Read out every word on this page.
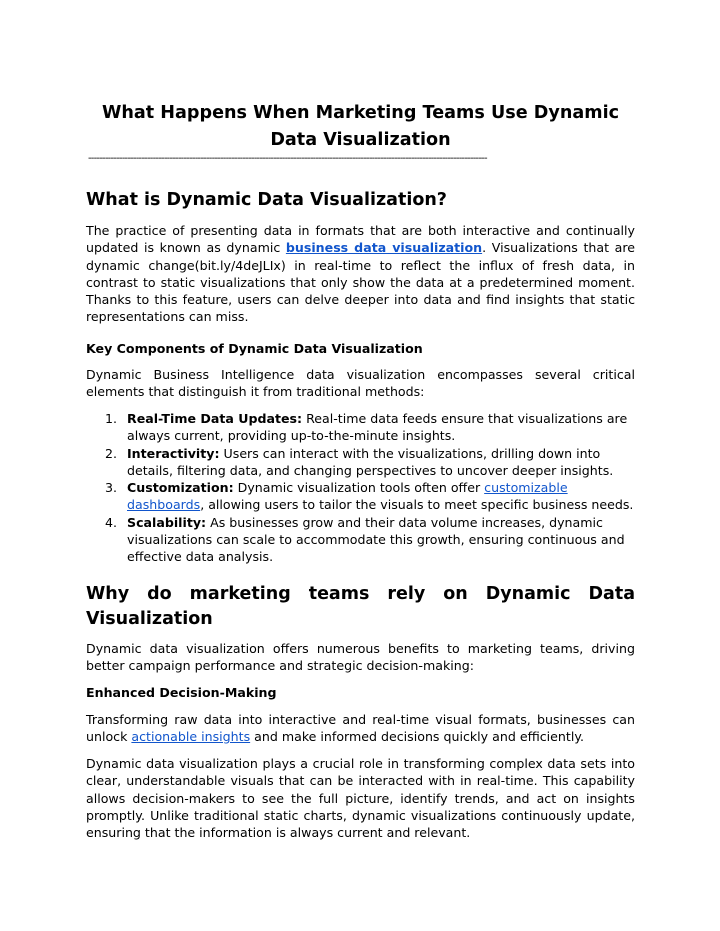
What Happens When Marketing Teams Use Dynamic Data Visualization
----------------------------------------------------------------------------------------------------------------------------------------------
What is Dynamic Data Visualization?

The practice of presenting data in formats that are both interactive and continually updated is known as dynamic business data visualization. Visualizations that are dynamic change(bit.ly/4deJLIx) in real-time to reflect the influx of fresh data, in contrast to static visualizations that only show the data at a predetermined moment. Thanks to this feature, users can delve deeper into data and find insights that static representations can miss.

Key Components of Dynamic Data Visualization

Dynamic Business Intelligence data visualization encompasses several critical elements that distinguish it from traditional methods:

1. Real-Time Data Updates: Real-time data feeds ensure that visualizations are always current, providing up-to-the-minute insights.
2. Interactivity: Users can interact with the visualizations, drilling down into details, filtering data, and changing perspectives to uncover deeper insights.
3. Customization: Dynamic visualization tools often offer customizable dashboards, allowing users to tailor the visuals to meet specific business needs.
4. Scalability: As businesses grow and their data volume increases, dynamic visualizations can scale to accommodate this growth, ensuring continuous and effective data analysis.
Why do marketing teams rely on Dynamic Data
Visualization

Dynamic data visualization offers numerous benefits to marketing teams, driving better campaign performance and strategic decision-making:

Enhanced Decision-Making

Transforming raw data into interactive and real-time visual formats, businesses can unlock actionable insights and make informed decisions quickly and efficiently.

Dynamic data visualization plays a crucial role in transforming complex data sets into clear, understandable visuals that can be interacted with in real-time. This capability allows decision-makers to see the full picture, identify trends, and act on insights promptly. Unlike traditional static charts, dynamic visualizations continuously update, ensuring that the information is always current and relevant.
